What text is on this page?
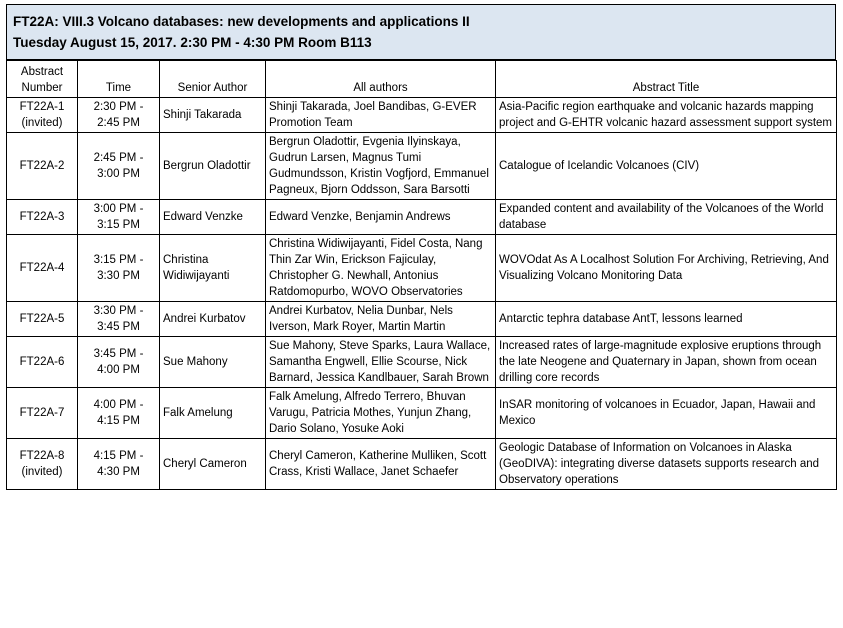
FT22A: VIII.3 Volcano databases: new developments and applications II
Tuesday August 15, 2017. 2:30 PM - 4:30 PM Room B113
Abstract Number	Time	Senior Author	All authors	Abstract Title
FT22A-1 (invited)	2:30 PM - 2:45 PM	Shinji Takarada	Shinji Takarada, Joel Bandibas, G-EVER Promotion Team	Asia-Pacific region earthquake and volcanic hazards mapping project and G-EHTR volcanic hazard assessment support system
FT22A-2	2:45 PM - 3:00 PM	Bergrun Oladottir	Bergrun Oladottir, Evgenia Ilyinskaya, Gudrun Larsen, Magnus Tumi Gudmundsson, Kristin Vogfjord, Emmanuel Pagneux, Bjorn Oddsson, Sara Barsotti	Catalogue of Icelandic Volcanoes (CIV)
FT22A-3	3:00 PM - 3:15 PM	Edward Venzke	Edward Venzke, Benjamin Andrews	Expanded content and availability of the Volcanoes of the World database
FT22A-4	3:15 PM - 3:30 PM	Christina Widiwijayanti	Christina Widiwijayanti, Fidel Costa, Nang Thin Zar Win, Erickson Fajiculay, Christopher G. Newhall, Antonius Ratdomopurbo, WOVO Observatories	WOVOdat As A Localhost Solution For Archiving, Retrieving, And Visualizing Volcano Monitoring Data
FT22A-5	3:30 PM - 3:45 PM	Andrei Kurbatov	Andrei Kurbatov, Nelia Dunbar, Nels Iverson, Mark Royer, Martin Martin	Antarctic tephra database AntT, lessons learned
FT22A-6	3:45 PM - 4:00 PM	Sue Mahony	Sue Mahony, Steve Sparks, Laura Wallace, Samantha Engwell, Ellie Scourse, Nick Barnard, Jessica Kandlbauer, Sarah Brown	Increased rates of large-magnitude explosive eruptions through the late Neogene and Quaternary in Japan, shown from ocean drilling core records
FT22A-7	4:00 PM - 4:15 PM	Falk Amelung	Falk Amelung, Alfredo Terrero, Bhuvan Varugu, Patricia Mothes, Yunjun Zhang, Dario Solano, Yosuke Aoki	InSAR monitoring of volcanoes in Ecuador, Japan, Hawaii and Mexico
FT22A-8 (invited)	4:15 PM - 4:30 PM	Cheryl Cameron	Cheryl Cameron, Katherine Mulliken, Scott Crass, Kristi Wallace, Janet Schaefer	Geologic Database of Information on Volcanoes in Alaska (GeoDIVA): integrating diverse datasets supports research and Observatory operations
